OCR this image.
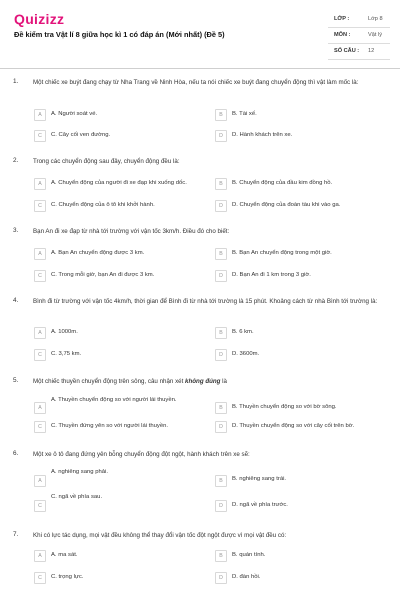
Quizizz
Đề kiểm tra Vật lí 8 giữa học kì 1 có đáp án (Mới nhất) (Đề 5)
LỚP :	Lớp 8
MÔN :	Vật lý
SỐ CÂU : 12
1. Một chiếc xe buýt đang chạy từ Nha Trang về Ninh Hòa, nếu ta nói chiếc xe buýt đang chuyển động thì vật làm mốc là:
A	A. Người soát vé.	B	B. Tài xế.
C	C. Cây cối ven đường.	D	D. Hành khách trên xe.
2. Trong các chuyển động sau đây, chuyển động đều là:
A	A. Chuyển động của người đi xe đạp khi xuống dốc.	B	B. Chuyển động của đầu kim đồng hồ.
C	C. Chuyển động của ô tô khi khởi hành.	D	D. Chuyển động của đoàn tàu khi vào ga.
3. Bạn An đi xe đạp từ nhà tới trường với vận tốc 3km/h. Điều đó cho biết:
A	A. Bạn An chuyển động được 3 km.	B	B. Bạn An chuyển động trong một giờ.
C	C. Trong mỗi giờ, bạn An đi được 3 km.	D	D. Bạn An đi 1 km trong 3 giờ.
4. Bình đi từ trường với vận tốc 4km/h, thời gian để Bình đi từ nhà tới trường là 15 phút. Khoảng cách từ nhà Bình tới trường là:
A	A. 1000m.	B	B. 6 km.
C	C. 3,75 km.	D	D. 3600m.
5. Một chiếc thuyền chuyển động trên sông, câu nhận xét không đúng là
A
A. Thuyền chuyển động so với người lái thuyền.
B	B. Thuyền chuyển động so với bờ sông.
C	C. Thuyền đứng yên so với người lái thuyền.	D	D. Thuyền chuyển động so với cây cối trên bờ.
6. Một xe ô tô đang đứng yên bỗng chuyển động đột ngột, hành khách trên xe sẽ:
A
A. nghiêng sang phải.
B	B. nghiêng sang trái.
C
C. ngã về phía sau.
D	D. ngã về phía trước.
7. Khi có lực tác dụng, mọi vật đều không thể thay đổi vận tốc đột ngột được vì mọi vật đều có:
A	A. ma sát.	B	B. quán tính.
C	C. trọng lực.	D	D. đàn hồi.
